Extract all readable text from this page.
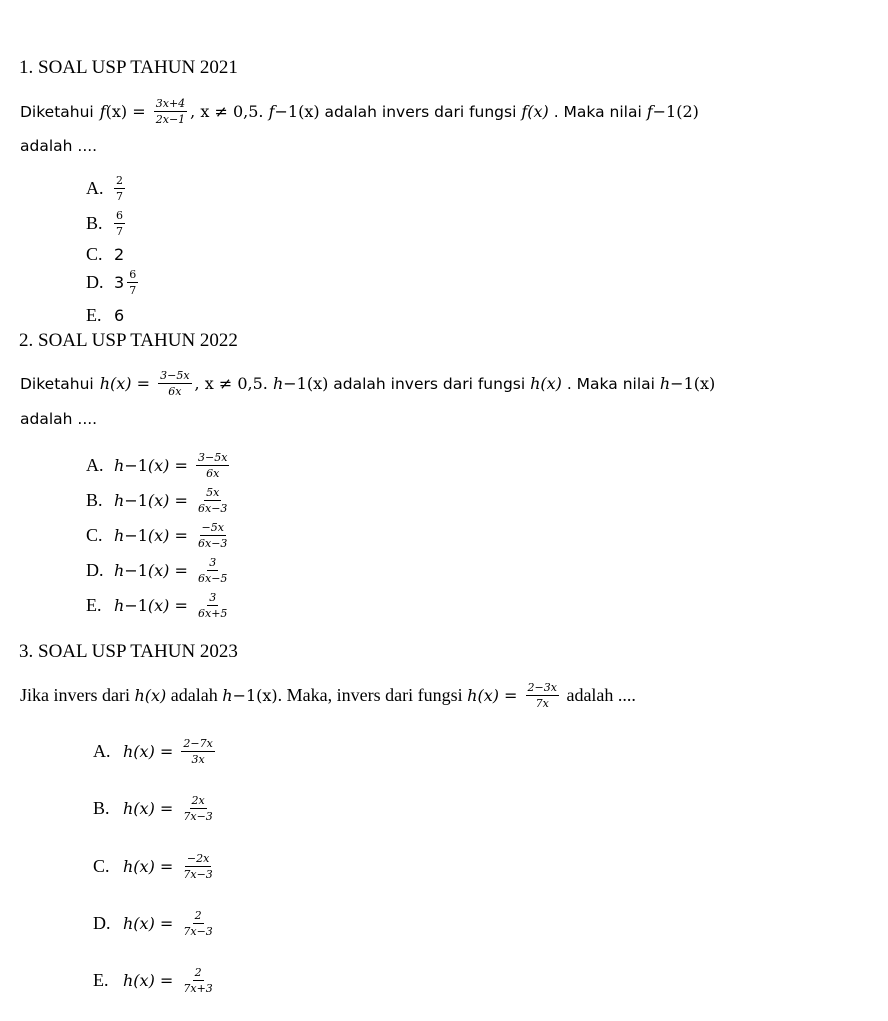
1. SOAL USP TAHUN 2021
Diketahui f $(x) = \frac{3x+4}{2x-1}$ , x ≠ 0,5. f −1 (x) adalah invers dari fungsi f(x) . Maka nilai f −1 (2)
adalah ....
A. $\frac{2}{7}$
B.	$\frac{6}{7}$
C. 2
D. $3 \frac{6}{7}$
E. 6
2. SOAL USP TAHUN 2022
Diketahui $h(x) = \frac{3-5x}{6x}$ , x ≠ 0,5. h −1 (x) adalah invers dari fungsi h(x) . Maka nilai h −1 (x)
adalah ....
A. h −1 $(x) = \frac{3-5x}{6x}$
B. h −1 $(x) = \frac{5x}{6x-3}$
C. h −1 $(x) = \frac{-5x}{6x-3}$
D. h −1 $(x) = \frac{3}{6x-5}$
E. h −1 $(x) = \frac{3}{6x+5}$
3. SOAL USP TAHUN 2023
Jika invers dari h(x) adalah h −1 (x) . Maka, invers dari fungsi $h(x) = \frac{2-3x}{7x}$ adalah ....
A. $h(x) = \frac{2-7x}{3x}$
B. $h(x) = \frac{2x}{7x-3}$
C. $h(x) = \frac{-2x}{7x-3}$
D. $h(x) = \frac{2}{7x-3}$
E. $h(x) = \frac{2}{7x+3}$
